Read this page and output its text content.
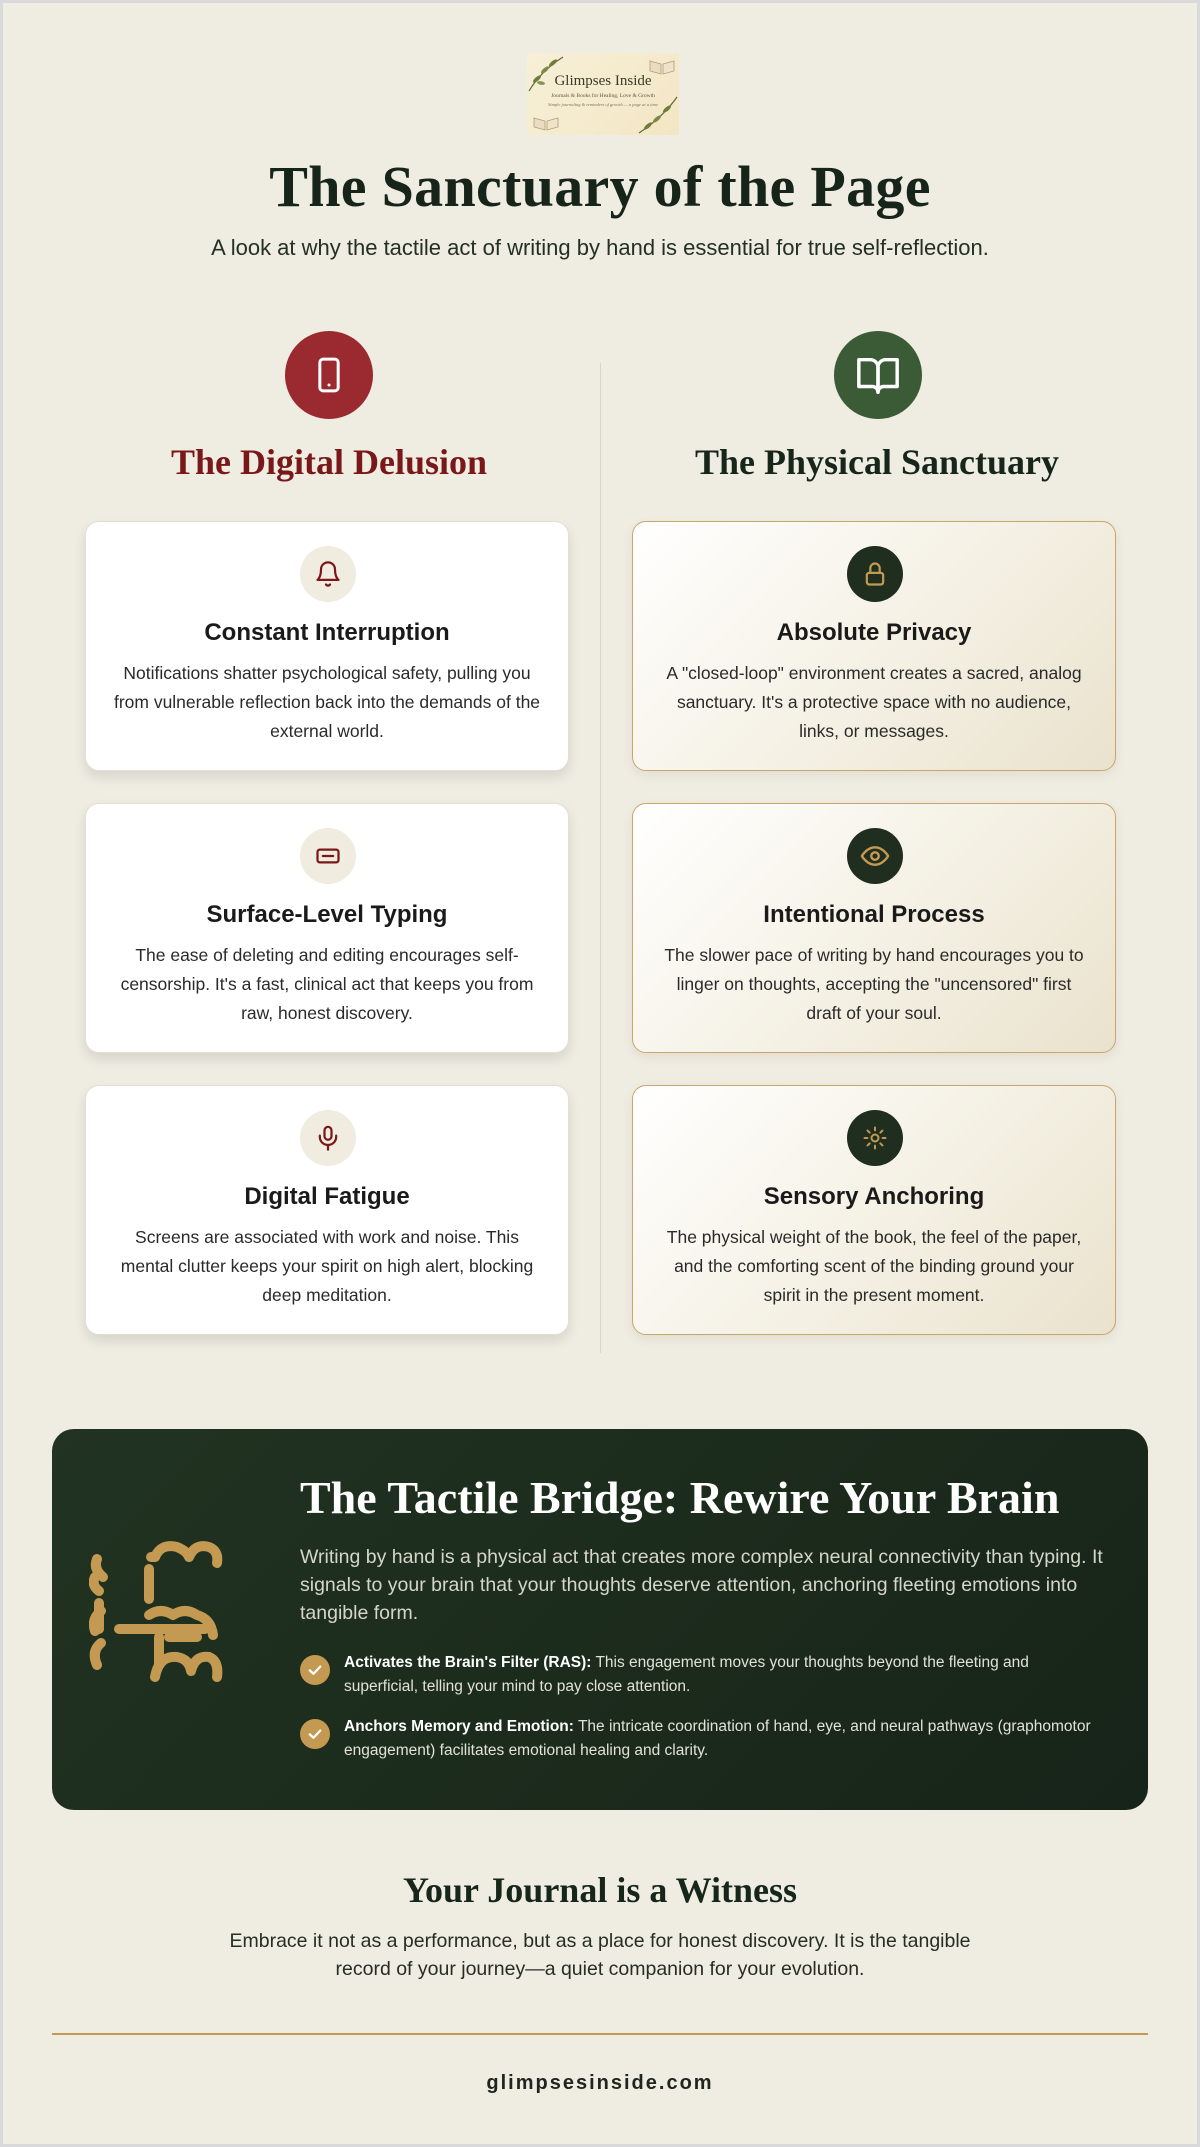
Glimpses Inside
Journals & Books for Healing, Love & Growth
Simple journaling & reminders of growth — a page at a time
The Sanctuary of the Page

A look at why the tactile act of writing by hand is essential for true self-reflection.

The Digital Delusion	The Physical Sanctuary
Constant Interruption

Notifications shatter psychological safety, pulling you from vulnerable reflection back into the demands of the external world.

Surface-Level Typing

The ease of deleting and editing encourages self-censorship. It's a fast, clinical act that keeps you from raw, honest discovery.

Digital Fatigue

Screens are associated with work and noise. This mental clutter keeps your spirit on high alert, blocking deep meditation.

Absolute Privacy

A "closed-loop" environment creates a sacred, analog sanctuary. It's a protective space with no audience, links, or messages.

Intentional Process

The slower pace of writing by hand encourages you to linger on thoughts, accepting the "uncensored" first draft of your soul.

Sensory Anchoring

The physical weight of the book, the feel of the paper, and the comforting scent of the binding ground your spirit in the present moment.

The Tactile Bridge: Rewire Your Brain

Writing by hand is a physical act that creates more complex neural connectivity than typing. It signals to your brain that your thoughts deserve attention, anchoring fleeting emotions into tangible form.

Activates the Brain's Filter (RAS): This engagement moves your thoughts beyond the fleeting and superficial, telling your mind to pay close attention.
Anchors Memory and Emotion: The intricate coordination of hand, eye, and neural pathways (graphomotor engagement) facilitates emotional healing and clarity.
Your Journal is a Witness

Embrace it not as a performance, but as a place for honest discovery. It is the tangible record of your journey—a quiet companion for your evolution.

glimpsesinside.com
